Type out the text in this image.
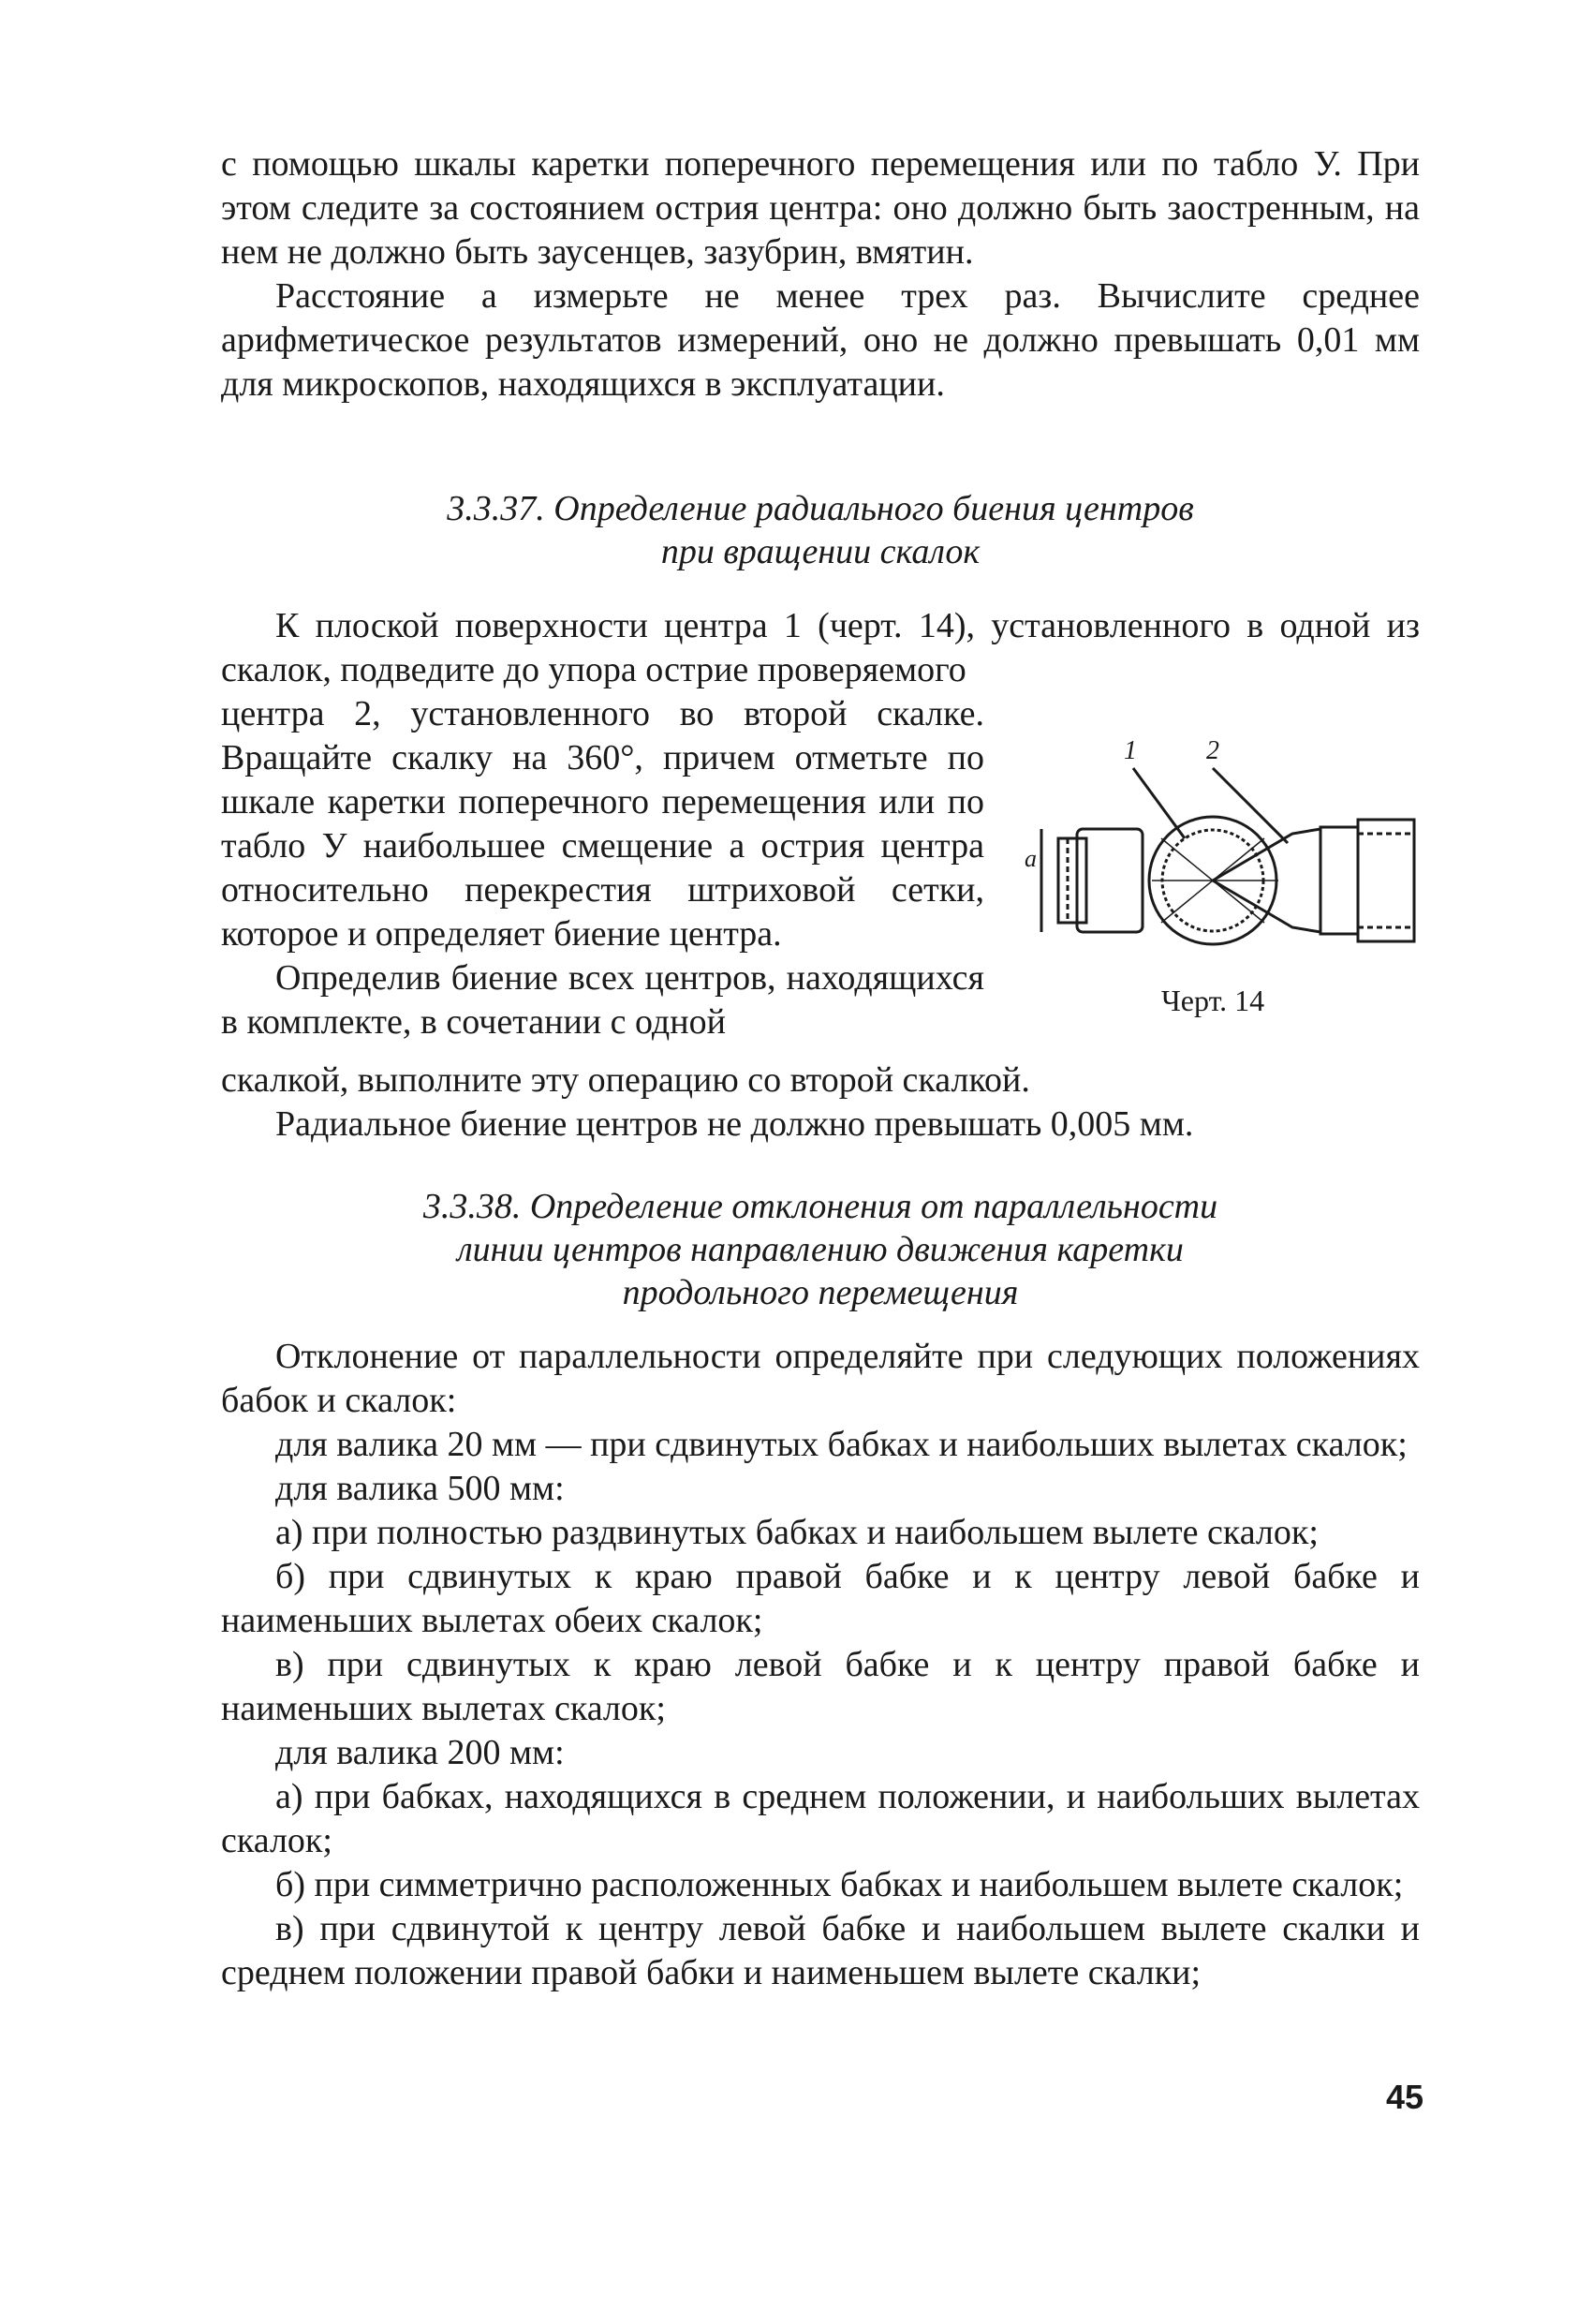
с помощью шкалы каретки поперечного перемещения или по табло У. При этом следите за состоянием острия центра: оно должно быть заостренным, на нем не должно быть заусенцев, зазубрин, вмятин.

Расстояние а измерьте не менее трех раз. Вычислите среднее арифметическое результатов измерений, оно не должно превышать 0,01 мм для микроскопов, находящихся в эксплуатации.

3.3.37. Определение радиального биения центров
при вращении скалок

К плоской поверхности центра 1 (черт. 14), установленного в одной из скалок, подведите до упора острие проверяемого

центра 2, установленного во второй скалке. Вращайте скалку на 360°, причем отметьте по шкале каретки поперечного перемещения или по табло У наибольшее смещение а острия центра относительно перекрестия штриховой сетки, которое и определяет биение центра.

Определив биение всех центров, находящихся в комплекте, в сочетании с одной

1	2
a
Черт. 14

скалкой, выполните эту операцию со второй скалкой.

Радиальное биение центров не должно превышать 0,005 мм.

3.3.38. Определение отклонения от параллельности
линии центров направлению движения каретки
продольного перемещения

Отклонение от параллельности определяйте при следующих положениях бабок и скалок:

для валика 20 мм — при сдвинутых бабках и наибольших вылетах скалок;

для валика 500 мм:

а) при полностью раздвинутых бабках и наибольшем вылете скалок;

б) при сдвинутых к краю правой бабке и к центру левой бабке и наименьших вылетах обеих скалок;

в) при сдвинутых к краю левой бабке и к центру правой бабке и наименьших вылетах скалок;

для валика 200 мм:

а) при бабках, находящихся в среднем положении, и наибольших вылетах скалок;

б) при симметрично расположенных бабках и наибольшем вылете скалок;

в) при сдвинутой к центру левой бабке и наибольшем вылете скалки и среднем положении правой бабки и наименьшем вылете скалки;

45
